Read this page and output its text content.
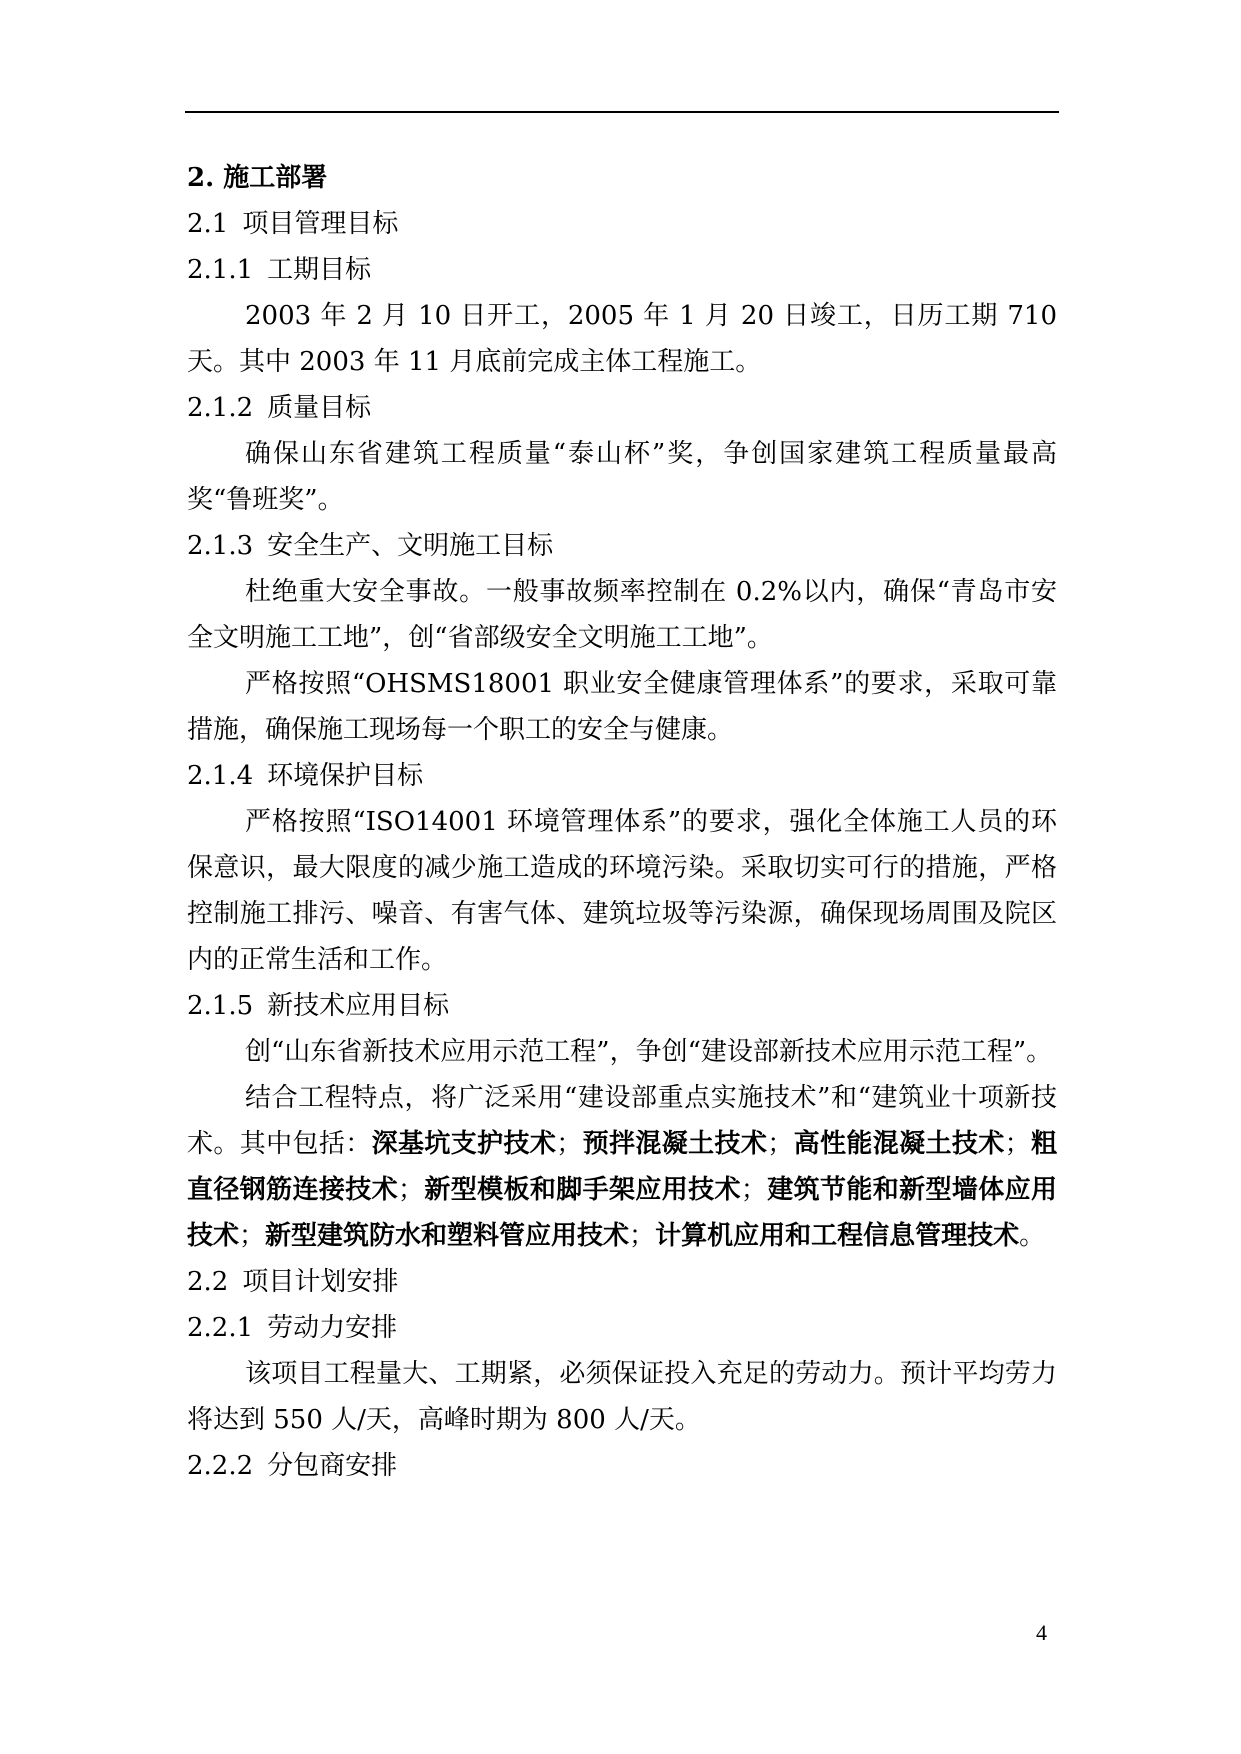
2. 施工部署

2.1 项目管理目标

2.1.1 工期目标

2003 年 2 月 10 日开工，2005 年 1 月 20 日竣工，日历工期 710 天。其中 2003 年 11 月底前完成主体工程施工。

2.1.2 质量目标

确保山东省建筑工程质量“泰山杯”奖，争创国家建筑工程质量最高奖“鲁班奖”。

2.1.3 安全生产、文明施工目标

杜绝重大安全事故。一般事故频率控制在 0.2%以内，确保“青岛市安全文明施工工地”，创“省部级安全文明施工工地”。

严格按照“OHSMS18001 职业安全健康管理体系”的要求，采取可靠措施，确保施工现场每一个职工的安全与健康。

2.1.4 环境保护目标

严格按照“ISO14001 环境管理体系”的要求，强化全体施工人员的环保意识，最大限度的减少施工造成的环境污染。采取切实可行的措施，严格控制施工排污、噪音、有害气体、建筑垃圾等污染源，确保现场周围及院区内的正常生活和工作。

2.1.5 新技术应用目标

创“山东省新技术应用示范工程”，争创“建设部新技术应用示范工程”。

结合工程特点，将广泛采用“建设部重点实施技术”和“建筑业十项新技术。其中包括：深基坑支护技术；预拌混凝土技术；高性能混凝土技术；粗直径钢筋连接技术；新型模板和脚手架应用技术；建筑节能和新型墙体应用技术；新型建筑防水和塑料管应用技术；计算机应用和工程信息管理技术。

2.2 项目计划安排

2.2.1 劳动力安排

该项目工程量大、工期紧，必须保证投入充足的劳动力。预计平均劳力将达到 550 人/天，高峰时期为 800 人/天。

2.2.2 分包商安排

4
